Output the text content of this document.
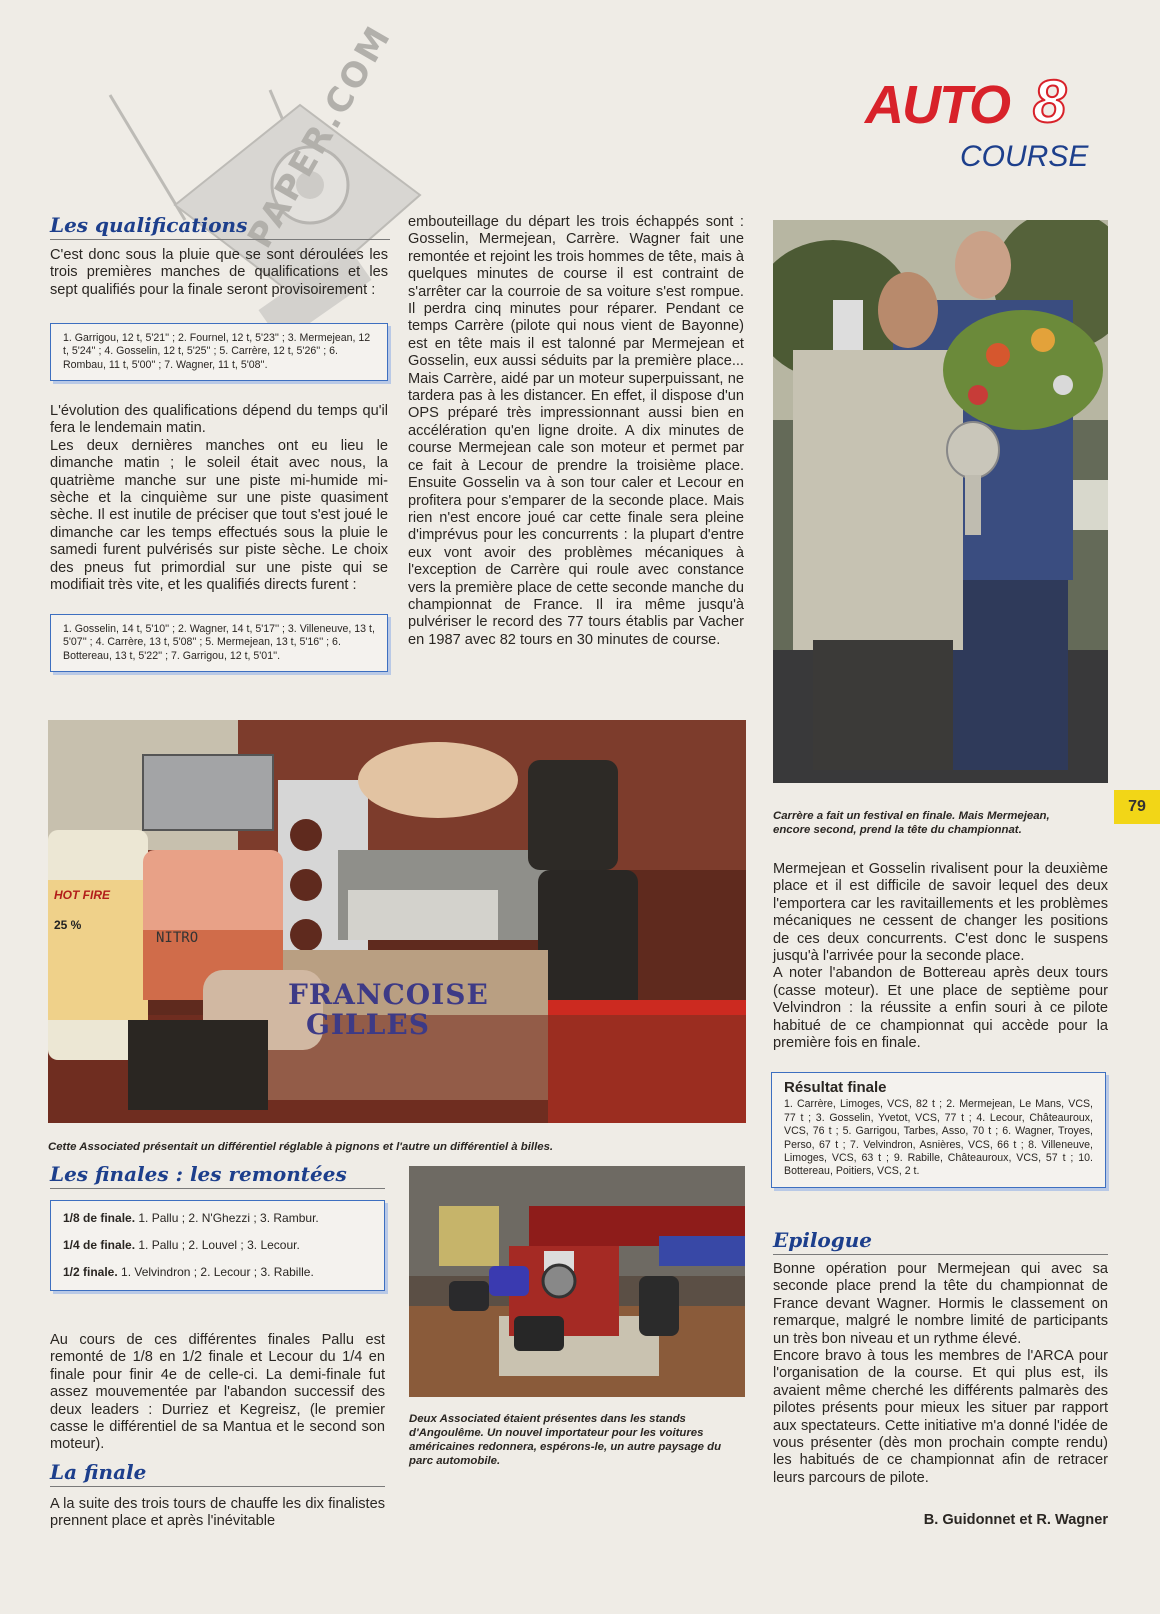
PAPER.COM	AUTO 8
COURSE
Les qualifications

C'est donc sous la pluie que se sont déroulées les trois premières manches de qualifications et les sept qualifiés pour la finale seront provisoirement :

1. Garrigou, 12 t, 5'21'' ; 2. Fournel, 12 t, 5'23'' ; 3. Mermejean, 12 t, 5'24'' ; 4. Gosselin, 12 t, 5'25'' ; 5. Carrère, 12 t, 5'26'' ; 6. Rombau, 11 t, 5'00'' ; 7. Wagner, 11 t, 5'08''.

L'évolution des qualifications dépend du temps qu'il fera le lendemain matin.
Les deux dernières manches ont eu lieu le dimanche matin ; le soleil était avec nous, la quatrième manche sur une piste mi-humide mi-sèche et la cinquième sur une piste quasiment sèche. Il est inutile de préciser que tout s'est joué le dimanche car les temps effectués sous la pluie le samedi furent pulvérisés sur piste sèche. Le choix des pneus fut primordial sur une piste qui se modifiait très vite, et les qualifiés directs furent :

1. Gosselin, 14 t, 5'10'' ; 2. Wagner, 14 t, 5'17'' ; 3. Villeneuve, 13 t, 5'07'' ; 4. Carrère, 13 t, 5'08'' ; 5. Mermejean, 13 t, 5'16'' ; 6. Bottereau, 13 t, 5'22'' ; 7. Garrigou, 12 t, 5'01''.

embouteillage du départ les trois échappés sont : Gosselin, Mermejean, Carrère. Wagner fait une remontée et rejoint les trois hommes de tête, mais à quelques minutes de course il est contraint de s'arrêter car la courroie de sa voiture s'est rompue. Il perdra cinq minutes pour réparer. Pendant ce temps Carrère (pilote qui nous vient de Bayonne) est en tête mais il est talonné par Mermejean et Gosselin, eux aussi séduits par la première place... Mais Carrère, aidé par un moteur superpuissant, ne tardera pas à les distancer. En effet, il dispose d'un OPS préparé très impressionnant aussi bien en accélération qu'en ligne droite. A dix minutes de course Mermejean cale son moteur et permet par ce fait à Lecour de prendre la troisième place. Ensuite Gosselin va à son tour caler et Lecour en profitera pour s'emparer de la seconde place. Mais rien n'est encore joué car cette finale sera pleine d'imprévus pour les concurrents : la plupart d'entre eux vont avoir des problèmes mécaniques à l'exception de Carrère qui roule avec constance vers la première place de cette seconde manche du championnat de France. Il ira même jusqu'à pulvériser le record des 77 tours établis par Vacher en 1987 avec 82 tours en 30 minutes de course.

Carrère a fait un festival en finale. Mais Mermejean, encore second, prend la tête du championnat.
79
HOT FIRE
25 %
NITRO
FRANCOISE
GILLES
Cette Associated présentait un différentiel réglable à pignons et l'autre un différentiel à billes.

Mermejean et Gosselin rivalisent pour la deuxième place et il est difficile de savoir lequel des deux l'emportera car les ravitaillements et les problèmes mécaniques ne cessent de changer les positions de ces deux concurrents. C'est donc le suspens jusqu'à l'arrivée pour la seconde place.
A noter l'abandon de Bottereau après deux tours (casse moteur). Et une place de septième pour Velvindron : la réussite a enfin souri à ce pilote habitué de ce championnat qui accède pour la première fois en finale.

Résultat finale
1. Carrère, Limoges, VCS, 82 t ; 2. Mermejean, Le Mans, VCS, 77 t ; 3. Gosselin, Yvetot, VCS, 77 t ; 4. Lecour, Châteauroux, VCS, 76 t ; 5. Garrigou, Tarbes, Asso, 70 t ; 6. Wagner, Troyes, Perso, 67 t ; 7. Velvindron, Asnières, VCS, 66 t ; 8. Villeneuve, Limoges, VCS, 63 t ; 9. Rabille, Châteauroux, VCS, 57 t ; 10. Bottereau, Poitiers, VCS, 2 t.
Epilogue

Bonne opération pour Mermejean qui avec sa seconde place prend la tête du championnat de France devant Wagner. Hormis le classement on remarque, malgré le nombre limité de participants un très bon niveau et un rythme élevé.
Encore bravo à tous les membres de l'ARCA pour l'organisation de la course. Et qui plus est, ils avaient même cherché les différents palmarès des pilotes présents pour mieux les situer par rapport aux spectateurs. Cette initiative m'a donné l'idée de vous présenter (dès mon prochain compte rendu) les habitués de ce championnat afin de retracer leurs parcours de pilote.

B. Guidonnet et R. Wagner
Les finales : les remontées
1/8 de finale. 1. Pallu ; 2. N'Ghezzi ; 3. Rambur.
1/4 de finale. 1. Pallu ; 2. Louvel ; 3. Lecour.
1/2 finale. 1. Velvindron ; 2. Lecour ; 3. Rabille.

Au cours de ces différentes finales Pallu est remonté de 1/8 en 1/2 finale et Lecour du 1/4 en finale pour finir 4e de celle-ci. La demi-finale fut assez mouvementée par l'abandon successif des deux leaders : Durriez et Kegreisz, (le premier casse le différentiel de sa Mantua et le second son moteur).

La finale

A la suite des trois tours de chauffe les dix finalistes prennent place et après l'inévitable

Deux Associated étaient présentes dans les stands d'Angoulême. Un nouvel importateur pour les voitures américaines redonnera, espérons-le, un autre paysage du parc automobile.
